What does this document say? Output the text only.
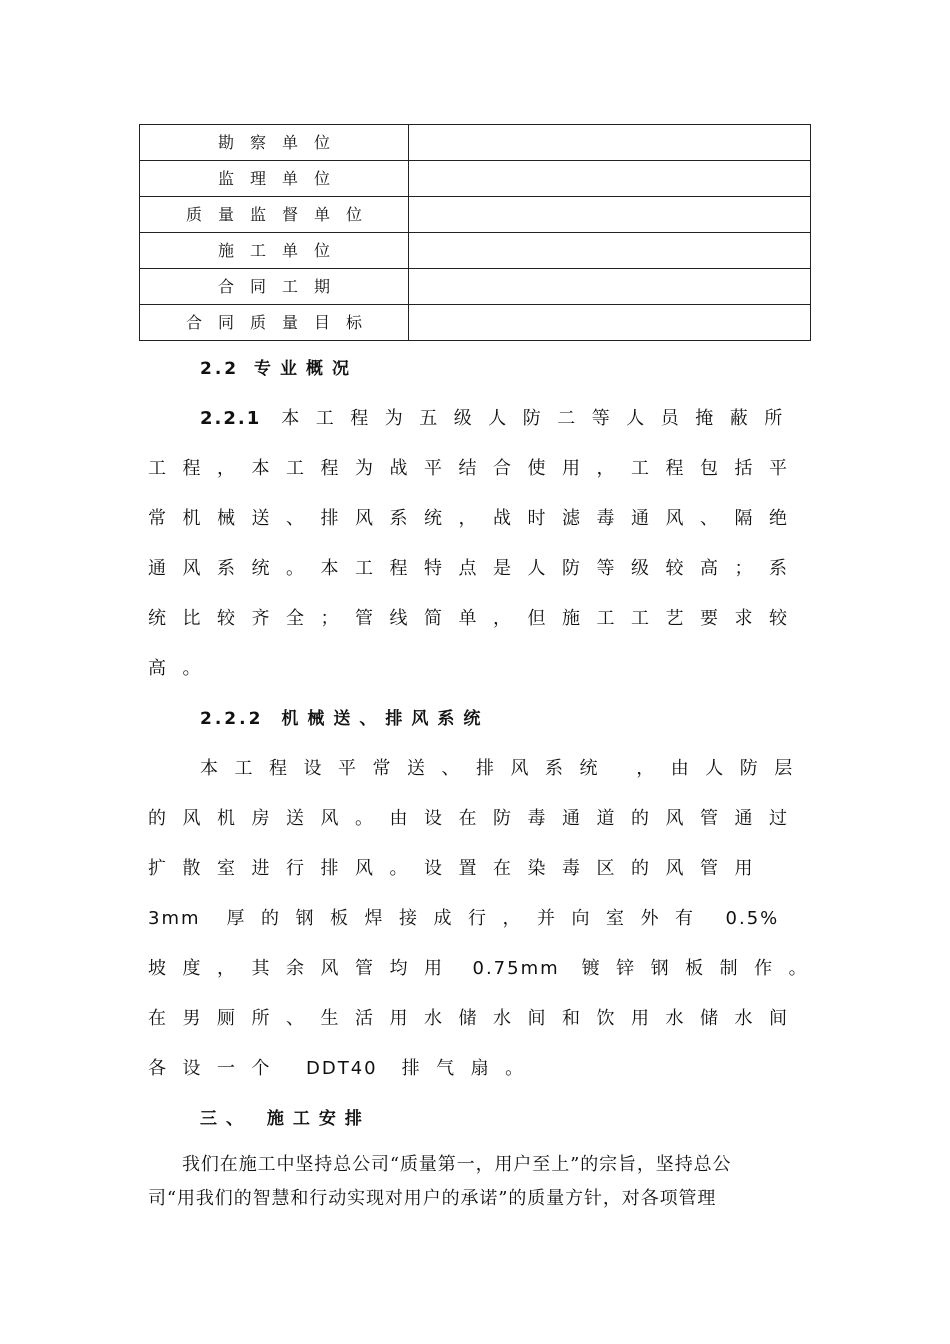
勘察单位	
监理单位	
质量监督单位	
施工单位	
合同工期	
合同质量目标	
2.2 专业概况
2.2.1 本工程为五级人防二等人员掩蔽所
工程，本工程为战平结合使用，工程包括平
常机械送、排风系统，战时滤毒通风、隔绝
通风系统。本工程特点是人防等级较高；系
统比较齐全；管线简单，但施工工艺要求较
高。
2.2.2 机械送、排风系统
本工程设平常送、排风系统 ，由人防层
的风机房送风。由设在防毒通道的风管通过
扩散室进行排风。设置在染毒区的风管用
3mm 厚的钢板焊接成行，并向室外有 0.5%
坡度，其余风管均用 0.75mm 镀锌钢板制作。
在男厕所、生活用水储水间和饮用水储水间
各设一个 DDT40 排气扇。
三、 施工安排
我们在施工中坚持总公司“质量第一，用户至上”的宗旨，坚持总公
司“用我们的智慧和行动实现对用户的承诺”的质量方针，对各项管理
